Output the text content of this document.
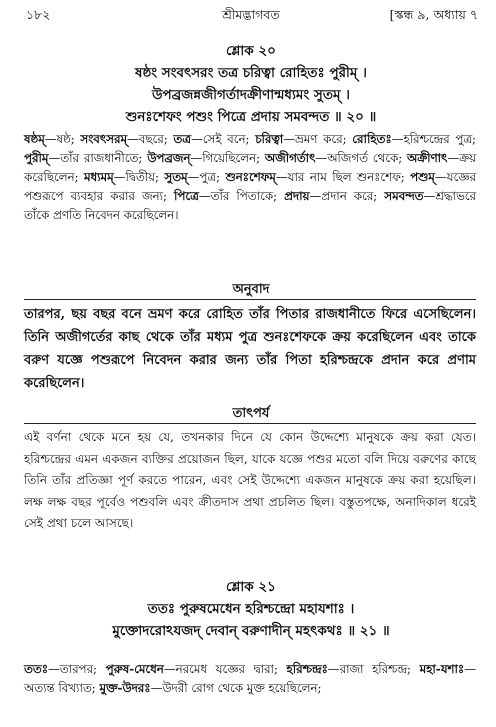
১৮২	শ্রীমদ্ভাগবত	[স্কন্ধ ৯, অধ্যায় ৭
শ্লোক ২০
ষষ্ঠং সংবৎসরং তত্র চরিত্বা রোহিতঃ পুরীম্ ।
উপব্রজন্নজীগর্তাদক্রীণান্মধ্যমং সুতম্ ।
শুনঃশেফং পশুং পিত্রে প্রদায় সমবন্দত ॥ ২০ ॥
ষষ্ঠম্—ষষ্ঠ; সংবৎসরম্—বছরে; তত্র—সেই বনে; চরিত্বা—ভ্রমণ করে; রোহিতঃ—হরিশ্চন্দ্রের পুত্র; পুরীম্—তাঁর রাজধানীতে; উপব্রজন্—গিয়েছিলেন; অজীগর্তাৎ—অজিগর্ত থেকে; অক্রীণাৎ—ক্রয় করেছিলেন; মধ্যমম্—দ্বিতীয়; সুতম্—পুত্র; শুনঃশেফম্—যার নাম ছিল শুনঃশেফ; পশুম্—যজ্ঞের পশুরূপে ব্যবহার করার জন্য; পিত্রে—তাঁর পিতাকে; প্রদায়—প্রদান করে; সমবন্দত—শ্রদ্ধাভরে তাঁকে প্রণতি নিবেদন করেছিলেন।
অনুবাদ
তারপর, ছয় বছর বনে ভ্রমণ করে রোহিত তাঁর পিতার রাজধানীতে ফিরে এসেছিলেন। তিনি অজীগর্তের কাছ থেকে তাঁর মধ্যম পুত্র শুনঃশেফকে ক্রয় করেছিলেন এবং তাকে বরুণ যজ্ঞে পশুরূপে নিবেদন করার জন্য তাঁর পিতা হরিশ্চন্দ্রকে প্রদান করে প্রণাম করেছিলেন।
তাৎপর্য
এই বর্ণনা থেকে মনে হয় যে, তখনকার দিনে যে কোন উদ্দেশ্যে মানুষকে ক্রয় করা যেত। হরিশ্চন্দ্রের এমন একজন ব্যক্তির প্রয়োজন ছিল, যাকে যজ্ঞে পশুর মতো বলি দিয়ে বরুণের কাছে তিনি তাঁর প্রতিজ্ঞা পূর্ণ করতে পারেন, এবং সেই উদ্দেশ্যে একজন মানুষকে ক্রয় করা হয়েছিল। লক্ষ লক্ষ বছর পূর্বেও পশুবলি এবং ক্রীতদাস প্রথা প্রচলিত ছিল। বস্তুতপক্ষে, অনাদিকাল ধরেই সেই প্রথা চলে আসছে।
শ্লোক ২১
ততঃ পুরুষমেধেন হরিশ্চন্দ্রো মহাযশাঃ ।
মুক্তোদরোঽযজদ্ দেবান্ বরুণাদীন্ মহৎকথঃ ॥ ২১ ॥
ততঃ—তারপর; পুরুষ-মেধেন—নরমেধ যজ্ঞের দ্বারা; হরিশ্চন্দ্রঃ—রাজা হরিশ্চন্দ্র; মহা-যশাঃ—অত্যন্ত বিখ্যাত; মুক্ত-উদরঃ—উদরী রোগ থেকে মুক্ত হয়েছিলেন;
